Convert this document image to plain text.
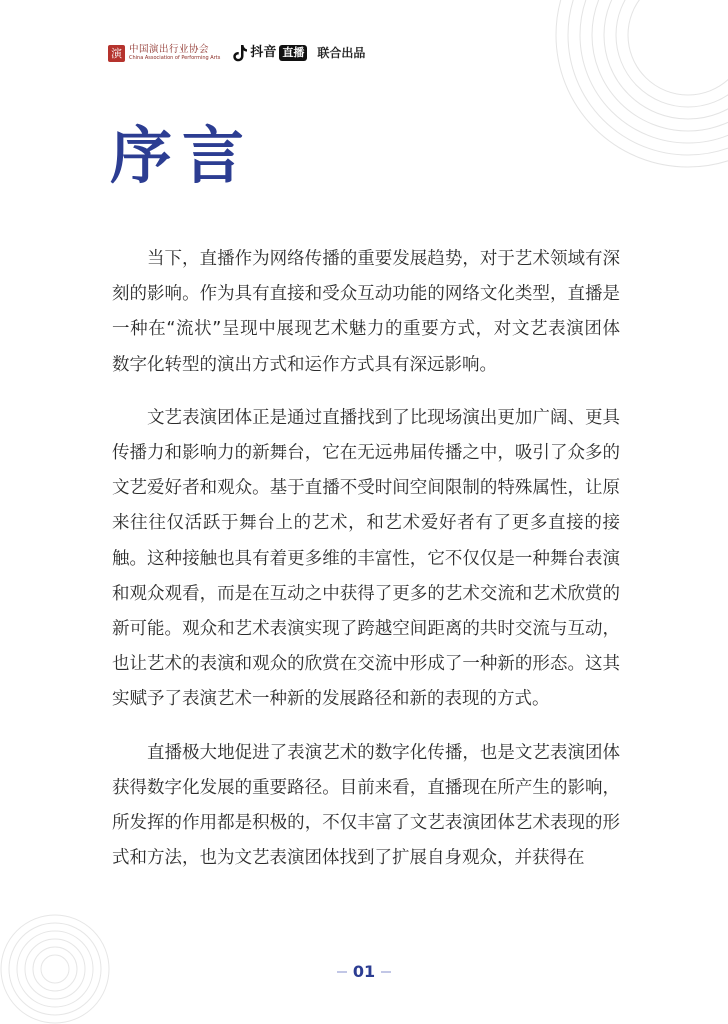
演 中国演出行业协会
China Association of Performing Arts 抖音 直播 联合出品
序言

当下，直播作为网络传播的重要发展趋势，对于艺术领域有深刻的影响。作为具有直接和受众互动功能的网络文化类型，直播是一种在“流状”呈现中展现艺术魅力的重要方式，对文艺表演团体数字化转型的演出方式和运作方式具有深远影响。

文艺表演团体正是通过直播找到了比现场演出更加广阔、更具传播力和影响力的新舞台，它在无远弗届传播之中，吸引了众多的文艺爱好者和观众。基于直播不受时间空间限制的特殊属性，让原来往往仅活跃于舞台上的艺术，和艺术爱好者有了更多直接的接触。这种接触也具有着更多维的丰富性，它不仅仅是一种舞台表演和观众观看，而是在互动之中获得了更多的艺术交流和艺术欣赏的新可能。观众和艺术表演实现了跨越空间距离的共时交流与互动，也让艺术的表演和观众的欣赏在交流中形成了一种新的形态。这其实赋予了表演艺术一种新的发展路径和新的表现的方式。

直播极大地促进了表演艺术的数字化传播，也是文艺表演团体获得数字化发展的重要路径。目前来看，直播现在所产生的影响，所发挥的作用都是积极的，不仅丰富了文艺表演团体艺术表现的形式和方法，也为文艺表演团体找到了扩展自身观众，并获得在

01
